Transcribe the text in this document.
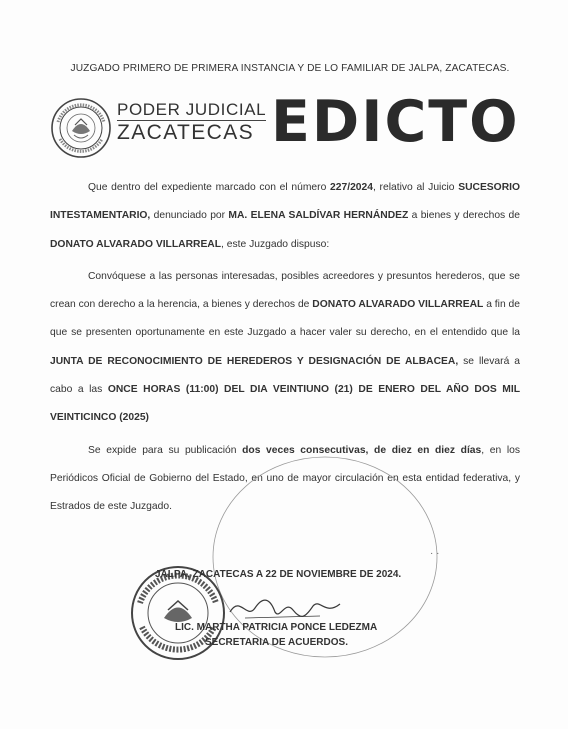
JUZGADO PRIMERO DE PRIMERA INSTANCIA Y DE LO FAMILIAR DE JALPA, ZACATECAS.
PODER JUDICIAL
ZACATECAS EDICTO

Que dentro del expediente marcado con el número 227/2024, relativo al Juicio SUCESORIO INTESTAMENTARIO, denunciado por MA. ELENA SALDÍVAR HERNÁNDEZ a bienes y derechos de DONATO ALVARADO VILLARREAL, este Juzgado dispuso:

Convóquese a las personas interesadas, posibles acreedores y presuntos herederos, que se crean con derecho a la herencia, a bienes y derechos de DONATO ALVARADO VILLARREAL a fin de que se presenten oportunamente en este Juzgado a hacer valer su derecho, en el entendido que la JUNTA DE RECONOCIMIENTO DE HEREDEROS Y DESIGNACIÓN DE ALBACEA, se llevará a cabo a las ONCE HORAS (11:00) DEL DIA VEINTIUNO (21) DE ENERO DEL AÑO DOS MIL VEINTICINCO (2025)

Se expide para su publicación dos veces consecutivas, de diez en diez días, en los Periódicos Oficial de Gobierno del Estado, en uno de mayor circulación en esta entidad federativa, y Estrados de este Juzgado.

· ·
JALPA, ZACATECAS A 22 DE NOVIEMBRE DE 2024.
LIC. MARTHA PATRICIA PONCE LEDEZMA
SECRETARIA DE ACUERDOS.
